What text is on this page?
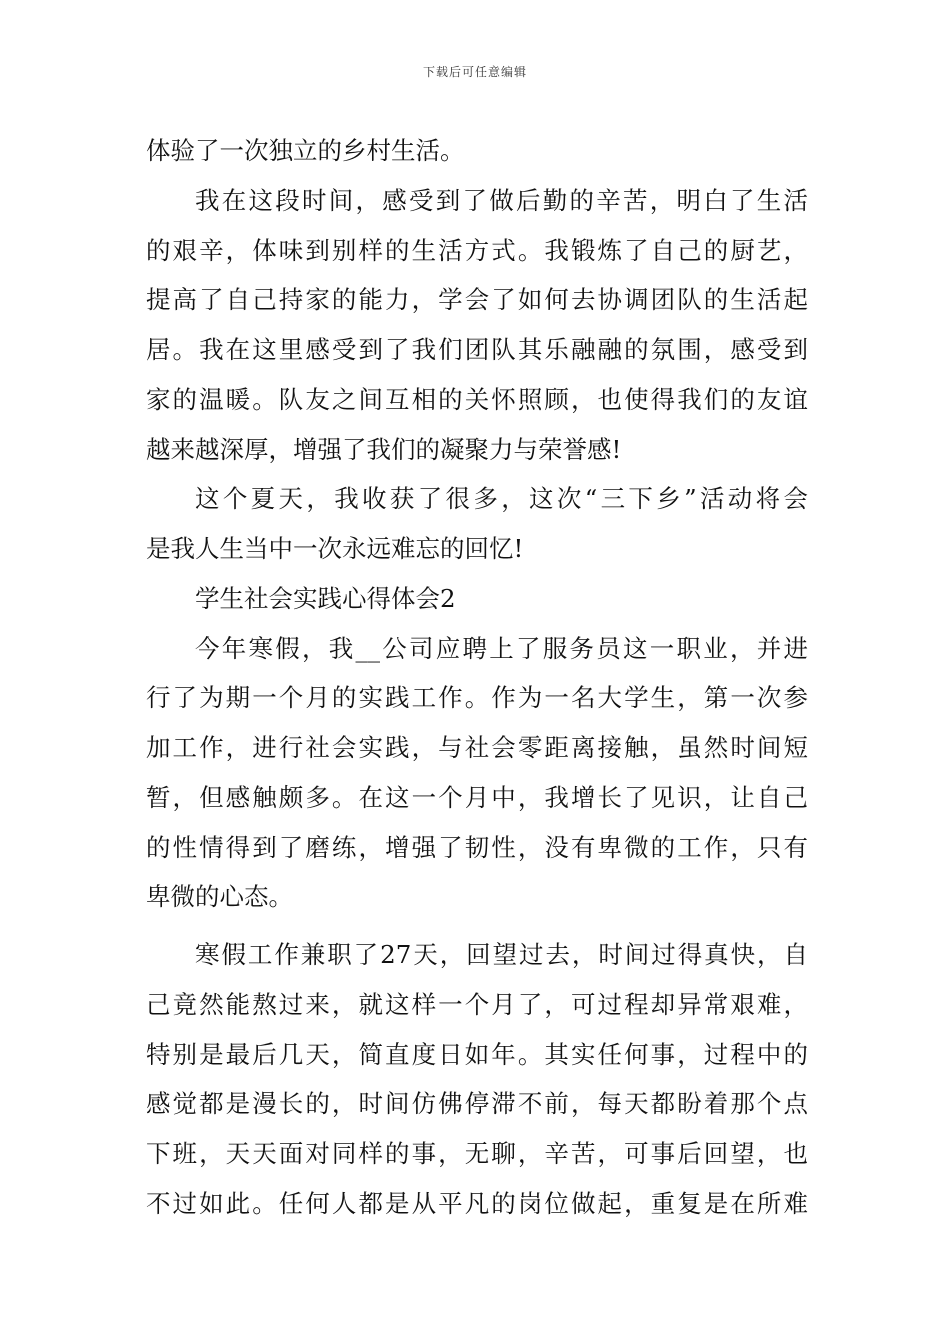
下载后可任意编辑
体验了一次独立的乡村生活。
我在这段时间，感受到了做后勤的辛苦，明白了生活
的艰辛，体味到别样的生活方式。我锻炼了自己的厨艺，
提高了自己持家的能力，学会了如何去协调团队的生活起
居。我在这里感受到了我们团队其乐融融的氛围，感受到
家的温暖。队友之间互相的关怀照顾，也使得我们的友谊
越来越深厚，增强了我们的凝聚力与荣誉感!
这个夏天，我收获了很多，这次“三下乡”活动将会
是我人生当中一次永远难忘的回忆!
学生社会实践心得体会2
今年寒假，我__公司应聘上了服务员这一职业，并进
行了为期一个月的实践工作。作为一名大学生，第一次参
加工作，进行社会实践，与社会零距离接触，虽然时间短
暂，但感触颇多。在这一个月中，我增长了见识，让自己
的性情得到了磨练，增强了韧性，没有卑微的工作，只有
卑微的心态。
寒假工作兼职了27天，回望过去，时间过得真快，自
己竟然能熬过来，就这样一个月了，可过程却异常艰难，
特别是最后几天，简直度日如年。其实任何事，过程中的
感觉都是漫长的，时间仿佛停滞不前，每天都盼着那个点
下班，天天面对同样的事，无聊，辛苦，可事后回望，也
不过如此。任何人都是从平凡的岗位做起，重复是在所难
